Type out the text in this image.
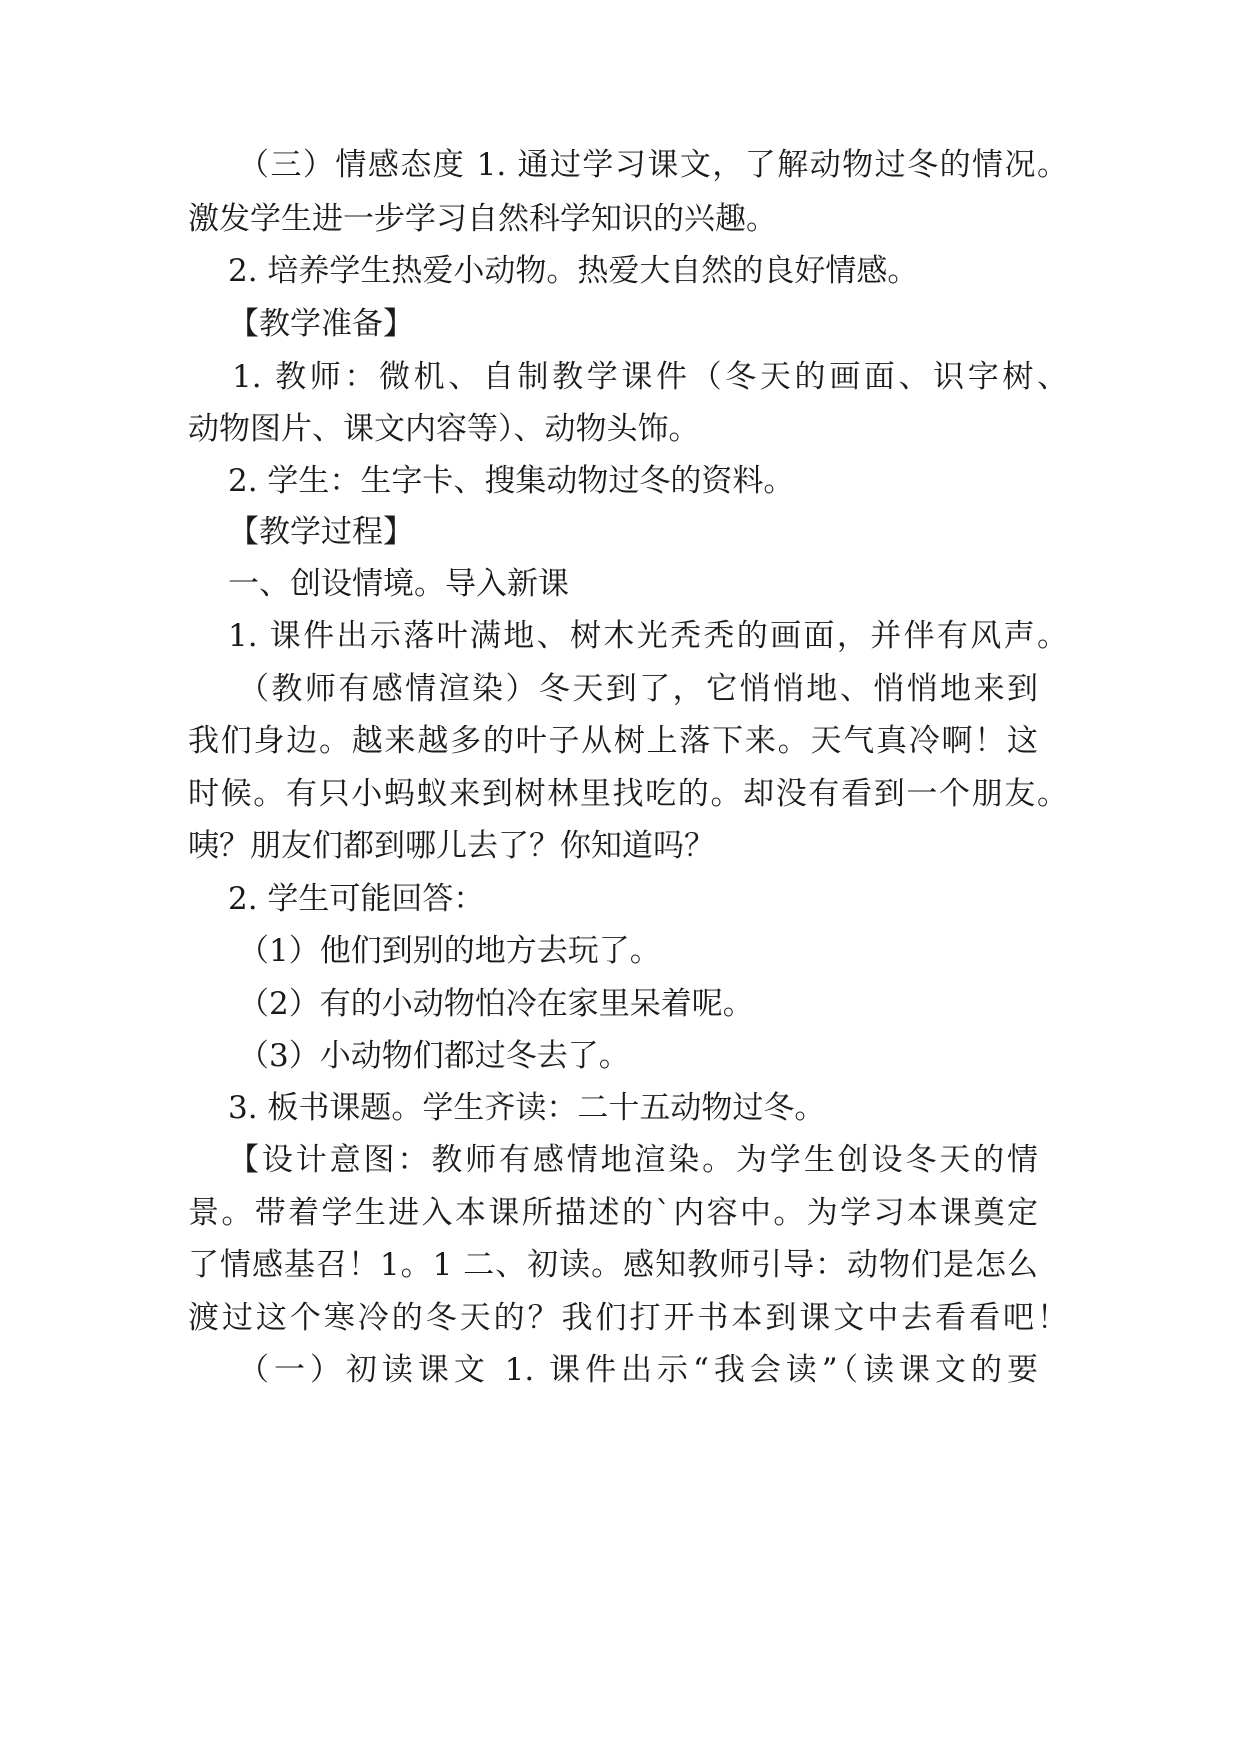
（三）情感态度 1. 通过学习课文，了解动物过冬的情况。
激发学生进一步学习自然科学知识的兴趣。
2. 培养学生热爱小动物。热爱大自然的良好情感。
【教学准备】
1. 教师：微机、自制教学课件（冬天的画面、识字树、
动物图片、课文内容等）、动物头饰。
2. 学生：生字卡、搜集动物过冬的资料。
【教学过程】
一、创设情境。导入新课
1. 课件出示落叶满地、树木光秃秃的画面，并伴有风声。
（教师有感情渲染）冬天到了，它悄悄地、悄悄地来到
我们身边。越来越多的叶子从树上落下来。天气真冷啊！这
时候。有只小蚂蚁来到树林里找吃的。却没有看到一个朋友。
咦？朋友们都到哪儿去了？你知道吗？
2. 学生可能回答：
（1）他们到别的地方去玩了。
（2）有的小动物怕冷在家里呆着呢。
（3）小动物们都过冬去了。
3. 板书课题。学生齐读：二十五动物过冬。
【设计意图：教师有感情地渲染。为学生创设冬天的情
景。带着学生进入本课所描述的`内容中。为学习本课奠定
了情感基召！1。1 二、初读。感知教师引导：动物们是怎么
渡过这个寒冷的冬天的？我们打开书本到课文中去看看吧！
（一）初读课文 1. 课件出示“我会读”（读课文的要
